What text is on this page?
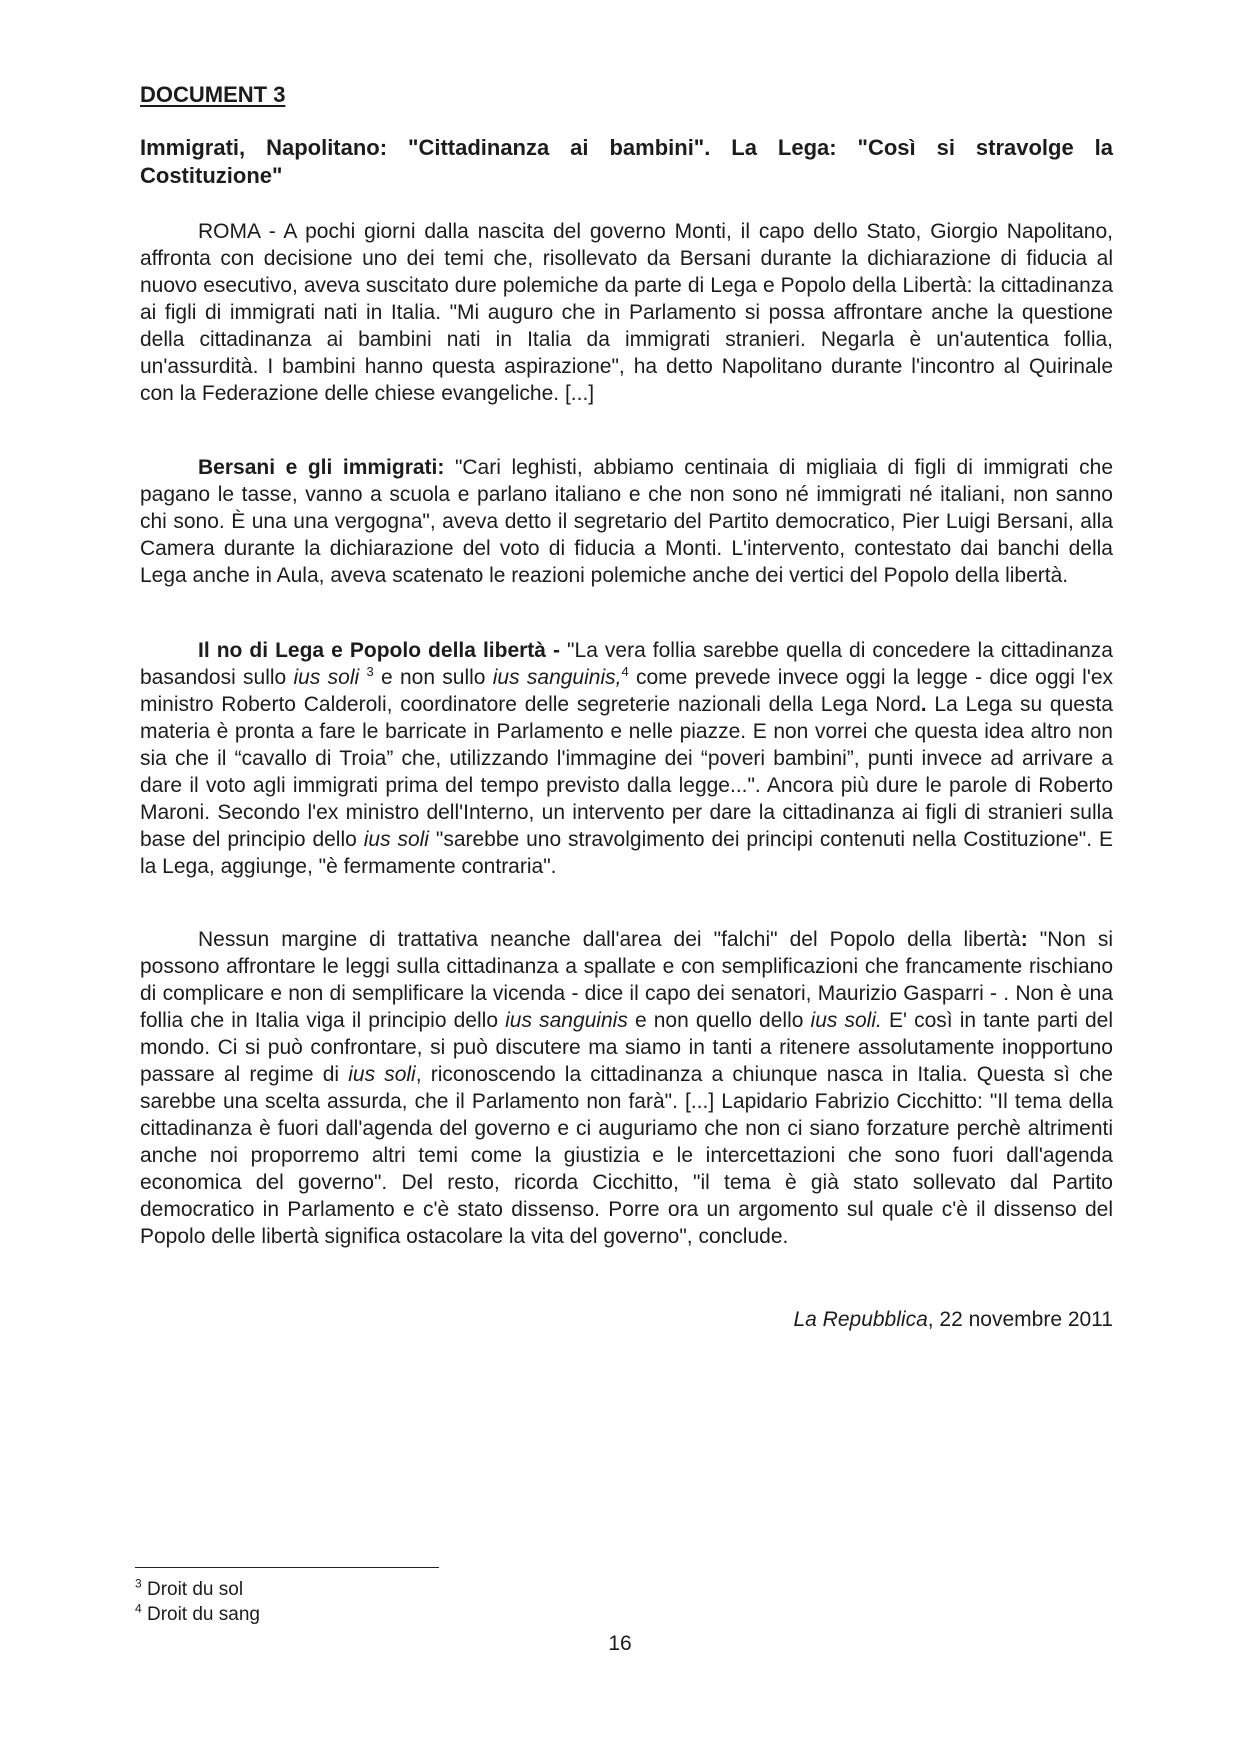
DOCUMENT 3

Immigrati, Napolitano: "Cittadinanza ai bambini". La Lega: "Così si stravolge la Costituzione"

ROMA - A pochi giorni dalla nascita del governo Monti, il capo dello Stato, Giorgio Napolitano, affronta con decisione uno dei temi che, risollevato da Bersani durante la dichiarazione di fiducia al nuovo esecutivo, aveva suscitato dure polemiche da parte di Lega e Popolo della Libertà: la cittadinanza ai figli di immigrati nati in Italia. "Mi auguro che in Parlamento si possa affrontare anche la questione della cittadinanza ai bambini nati in Italia da immigrati stranieri. Negarla è un'autentica follia, un'assurdità. I bambini hanno questa aspirazione", ha detto Napolitano durante l'incontro al Quirinale con la Federazione delle chiese evangeliche. [...]

Bersani e gli immigrati: "Cari leghisti, abbiamo centinaia di migliaia di figli di immigrati che pagano le tasse, vanno a scuola e parlano italiano e che non sono né immigrati né italiani, non sanno chi sono. È una una vergogna", aveva detto il segretario del Partito democratico, Pier Luigi Bersani, alla Camera durante la dichiarazione del voto di fiducia a Monti. L'intervento, contestato dai banchi della Lega anche in Aula, aveva scatenato le reazioni polemiche anche dei vertici del Popolo della libertà.

Il no di Lega e Popolo della libertà - "La vera follia sarebbe quella di concedere la cittadinanza basandosi sullo ius soli $^3$ e non sullo ius sanguinis,$^4$ come prevede invece oggi la legge - dice oggi l'ex ministro Roberto Calderoli, coordinatore delle segreterie nazionali della Lega Nord. La Lega su questa materia è pronta a fare le barricate in Parlamento e nelle piazze. E non vorrei che questa idea altro non sia che il “cavallo di Troia” che, utilizzando l'immagine dei “poveri bambini”, punti invece ad arrivare a dare il voto agli immigrati prima del tempo previsto dalla legge...". Ancora più dure le parole di Roberto Maroni. Secondo l'ex ministro dell'Interno, un intervento per dare la cittadinanza ai figli di stranieri sulla base del principio dello ius soli "sarebbe uno stravolgimento dei principi contenuti nella Costituzione". E la Lega, aggiunge, "è fermamente contraria".

Nessun margine di trattativa neanche dall'area dei "falchi" del Popolo della libertà: "Non si possono affrontare le leggi sulla cittadinanza a spallate e con semplificazioni che francamente rischiano di complicare e non di semplificare la vicenda - dice il capo dei senatori, Maurizio Gasparri - . Non è una follia che in Italia viga il principio dello ius sanguinis e non quello dello ius soli. E' così in tante parti del mondo. Ci si può confrontare, si può discutere ma siamo in tanti a ritenere assolutamente inopportuno passare al regime di ius soli, riconoscendo la cittadinanza a chiunque nasca in Italia. Questa sì che sarebbe una scelta assurda, che il Parlamento non farà". [...] Lapidario Fabrizio Cicchitto: "Il tema della cittadinanza è fuori dall'agenda del governo e ci auguriamo che non ci siano forzature perchè altrimenti anche noi proporremo altri temi come la giustizia e le intercettazioni che sono fuori dall'agenda economica del governo". Del resto, ricorda Cicchitto, "il tema è già stato sollevato dal Partito democratico in Parlamento e c'è stato dissenso. Porre ora un argomento sul quale c'è il dissenso del Popolo delle libertà significa ostacolare la vita del governo", conclude.

La Repubblica, 22 novembre 2011

$^3$ Droit du sol

$^4$ Droit du sang

16
